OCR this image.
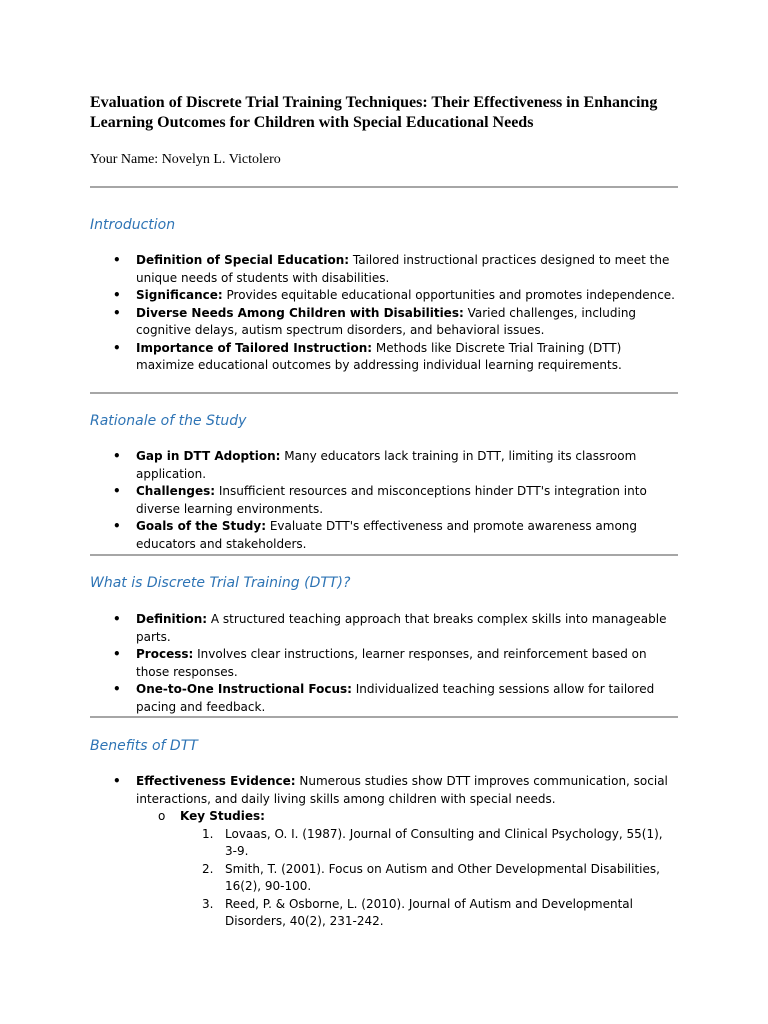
Evaluation of Discrete Trial Training Techniques: Their Effectiveness in Enhancing Learning Outcomes for Children with Special Educational Needs

Your Name: Novelyn L. Victolero

Introduction
• Definition of Special Education: Tailored instructional practices designed to meet the unique needs of students with disabilities.
• Significance: Provides equitable educational opportunities and promotes independence.
• Diverse Needs Among Children with Disabilities: Varied challenges, including cognitive delays, autism spectrum disorders, and behavioral issues.
• Importance of Tailored Instruction: Methods like Discrete Trial Training (DTT) maximize educational outcomes by addressing individual learning requirements.
Rationale of the Study
• Gap in DTT Adoption: Many educators lack training in DTT, limiting its classroom application.
• Challenges: Insufficient resources and misconceptions hinder DTT's integration into diverse learning environments.
• Goals of the Study: Evaluate DTT's effectiveness and promote awareness among educators and stakeholders.
What is Discrete Trial Training (DTT)?
• Definition: A structured teaching approach that breaks complex skills into manageable parts.
• Process: Involves clear instructions, learner responses, and reinforcement based on those responses.
• One-to-One Instructional Focus: Individualized teaching sessions allow for tailored pacing and feedback.
Benefits of DTT
• Effectiveness Evidence: Numerous studies show DTT improves communication, social interactions, and daily living skills among children with special needs.
o Key Studies:
1. Lovaas, O. I. (1987). Journal of Consulting and Clinical Psychology, 55(1), 3-9.
2. Smith, T. (2001). Focus on Autism and Other Developmental Disabilities, 16(2), 90-100.
3. Reed, P. & Osborne, L. (2010). Journal of Autism and Developmental Disorders, 40(2), 231-242.
